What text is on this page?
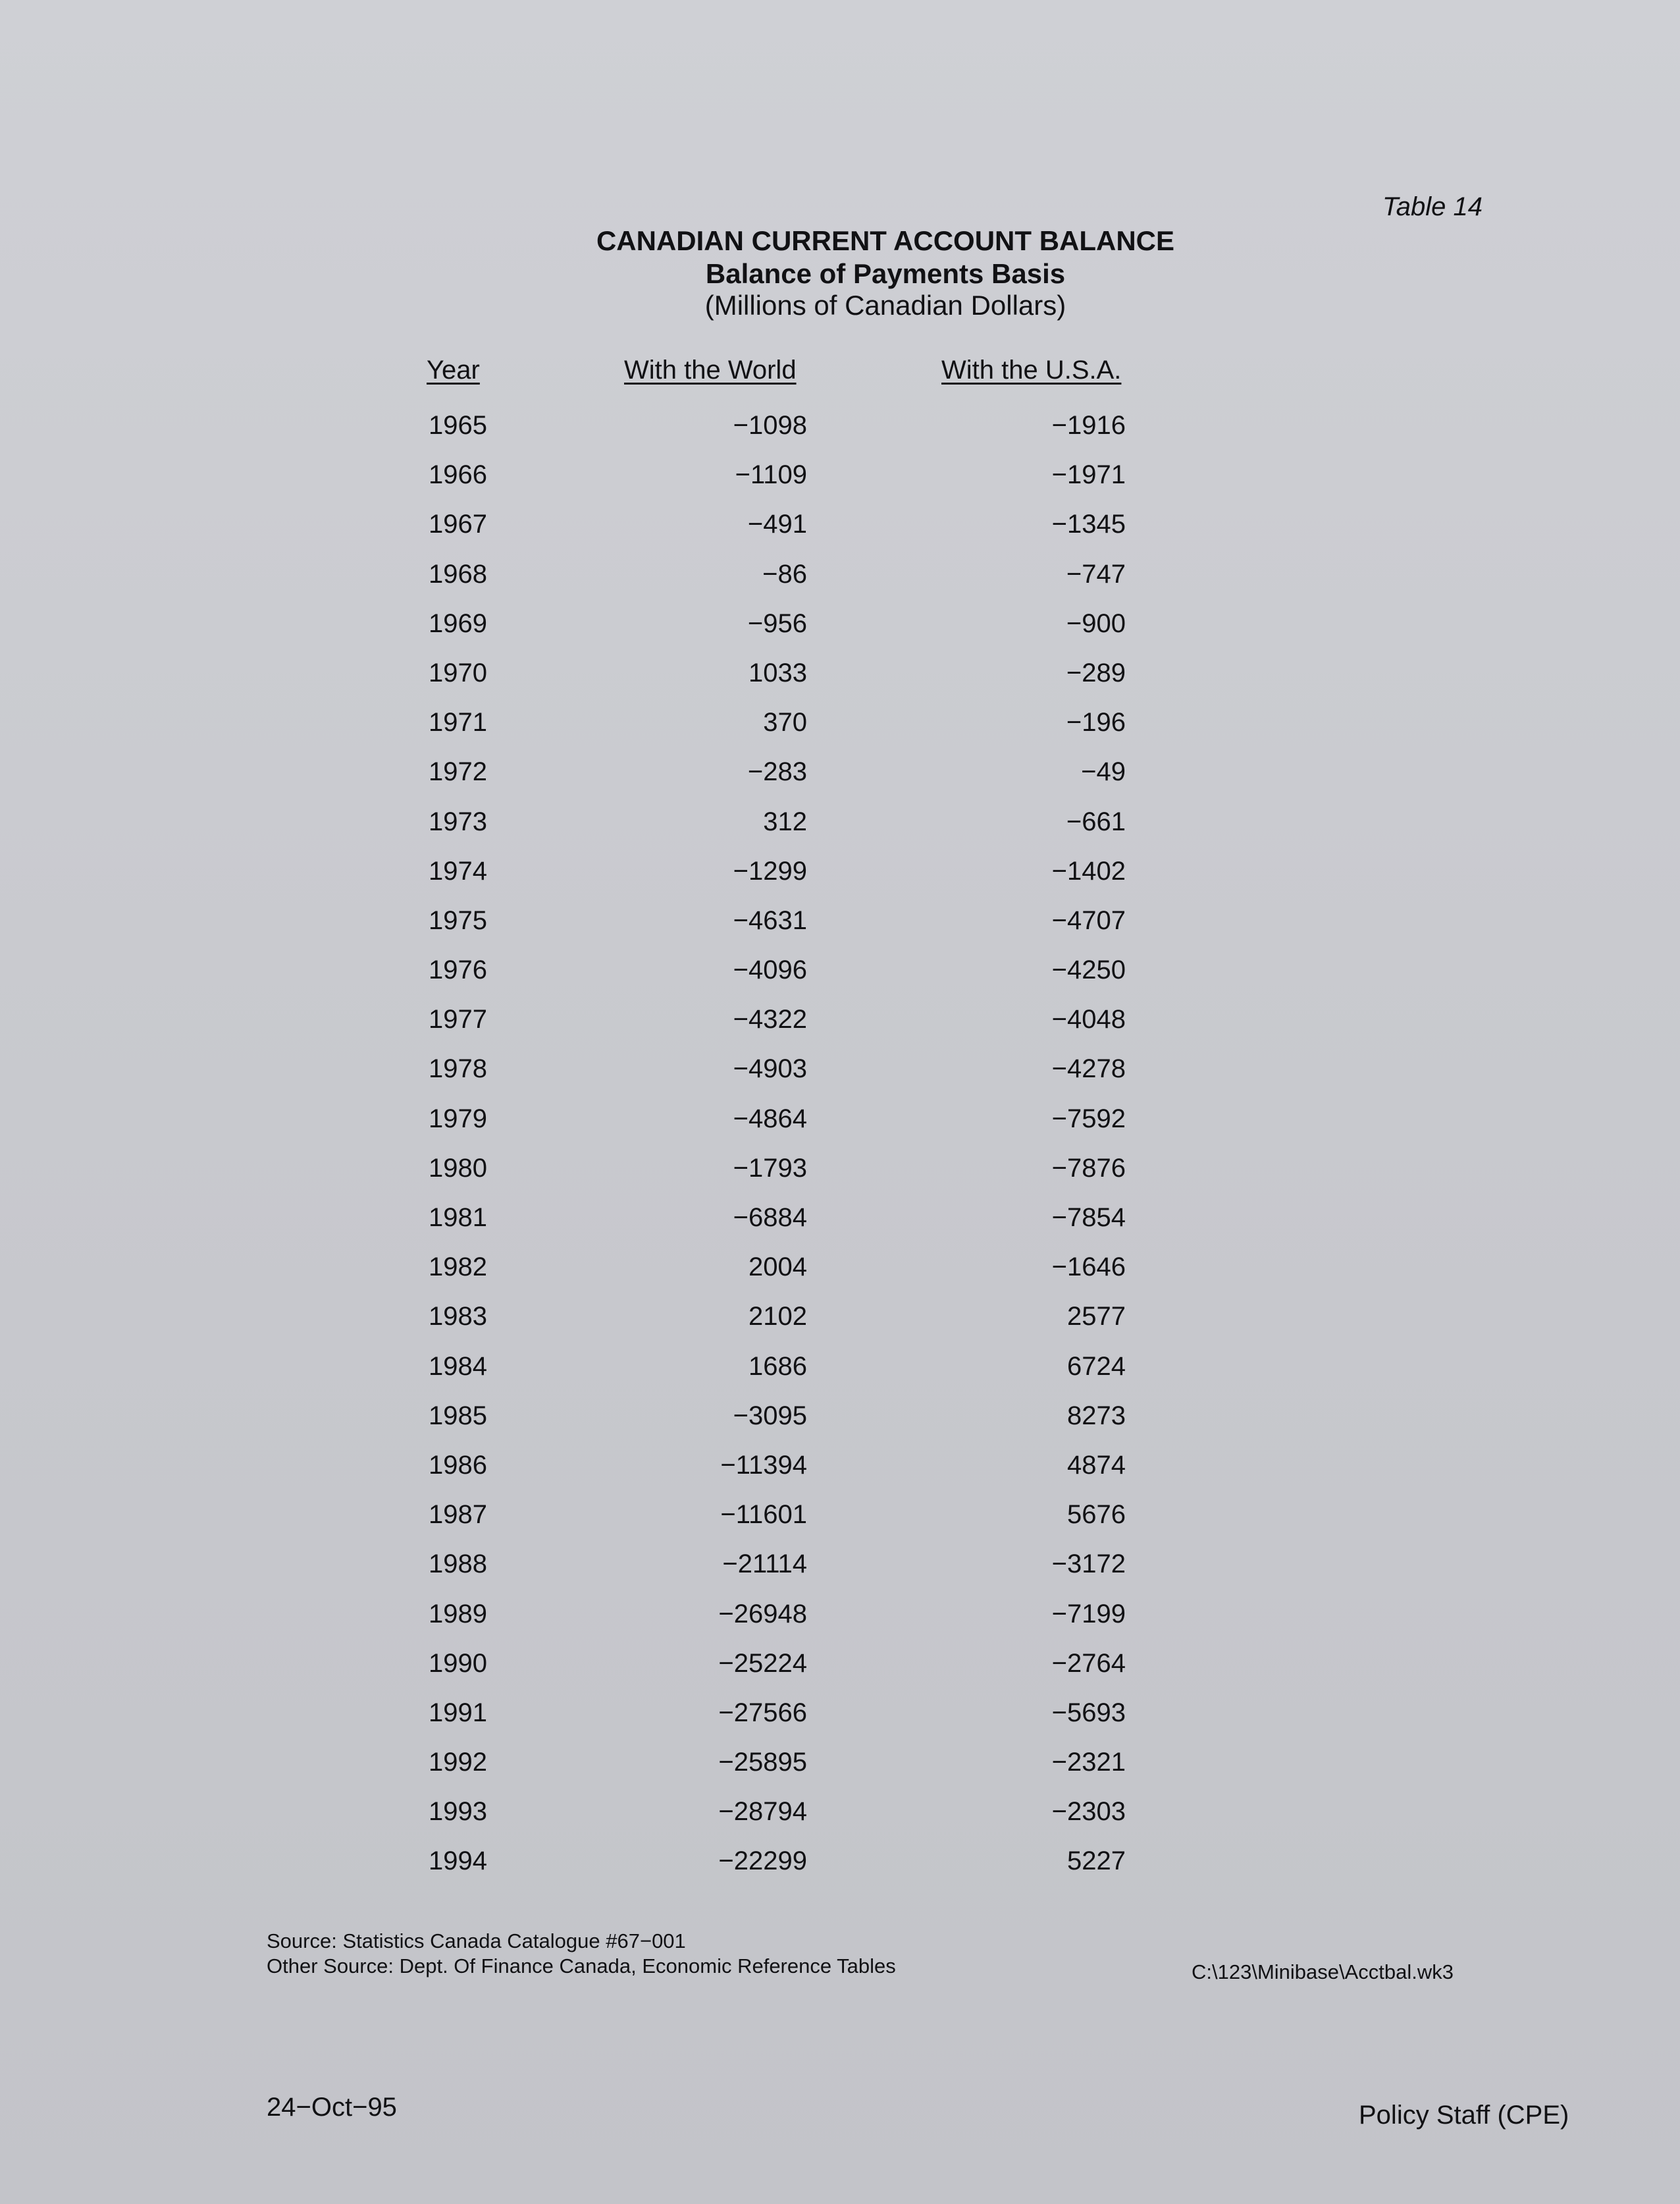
Table 14
CANADIAN CURRENT ACCOUNT BALANCE
Balance of Payments Basis
(Millions of Canadian Dollars)
Year	With the World	With the U.S.A.
1965	−1098	−1916
1966	−1109	−1971
1967	−491	−1345
1968	−86	−747
1969	−956	−900
1970	1033	−289
1971	370	−196
1972	−283	−49
1973	312	−661
1974	−1299	−1402
1975	−4631	−4707
1976	−4096	−4250
1977	−4322	−4048
1978	−4903	−4278
1979	−4864	−7592
1980	−1793	−7876
1981	−6884	−7854
1982	2004	−1646
1983	2102	2577
1984	1686	6724
1985	−3095	8273
1986	−11394	4874
1987	−11601	5676
1988	−21114	−3172
1989	−26948	−7199
1990	−25224	−2764
1991	−27566	−5693
1992	−25895	−2321
1993	−28794	−2303
1994	−22299	5227
Source: Statistics Canada Catalogue #67−001
Other Source: Dept. Of Finance Canada, Economic Reference Tables	C:\123\Minibase\Acctbal.wk3
24−Oct−95	Policy Staff (CPE)
